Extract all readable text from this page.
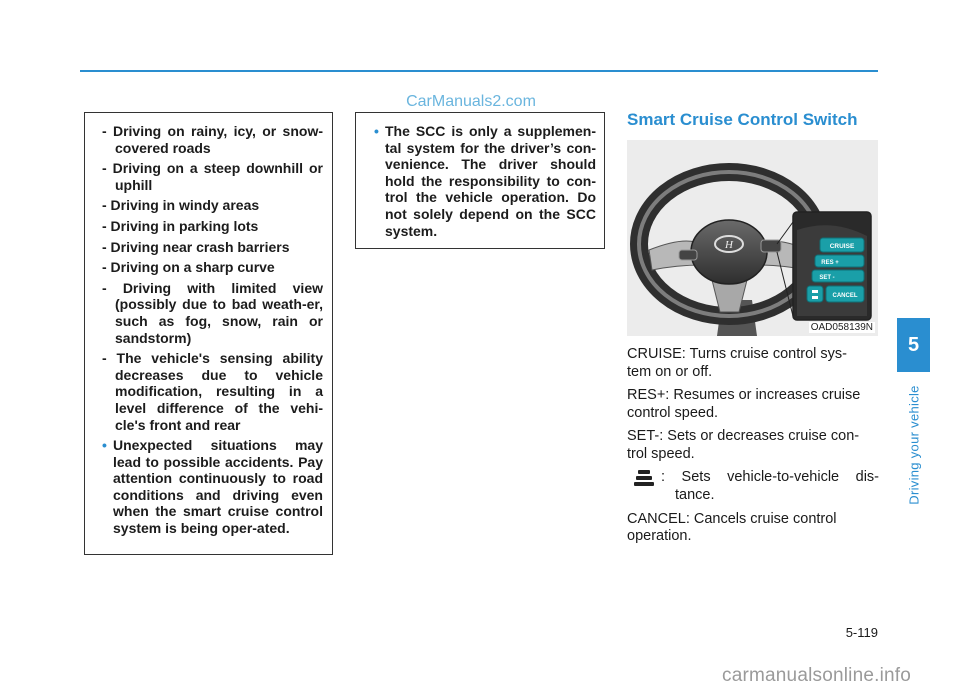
CarManuals2.com
- Driving on rainy, icy, or snow-covered roads
- Driving on a steep downhill or uphill
- Driving in windy areas
- Driving in parking lots
- Driving near crash barriers
- Driving on a sharp curve
- Driving with limited view (possibly due to bad weath-er, such as fog, snow, rain or sandstorm)
- The vehicle's sensing ability decreases due to vehicle modification, resulting in a level difference of the vehi-cle's front and rear
• Unexpected situations may lead to possible accidents. Pay attention continuously to road conditions and driving even when the smart cruise control system is being oper-ated.
• The SCC is only a supplemen-tal system for the driver’s con-venience. The driver should hold the responsibility to con-trol the vehicle operation. Do not solely depend on the SCC system.
Smart Cruise Control Switch
H	CRUISE
RES +
SET -
CANCEL
OAD058139N
CRUISE: Turns cruise control sys-
tem on or off.
RES+: Resumes or increases cruise
control speed.
SET-: Sets or decreases cruise con-
trol speed.
: Sets vehicle-to-vehicle dis-
tance.
CANCEL: Cancels cruise control
operation.
5
Driving your vehicle
5-119
carmanualsonline.info
